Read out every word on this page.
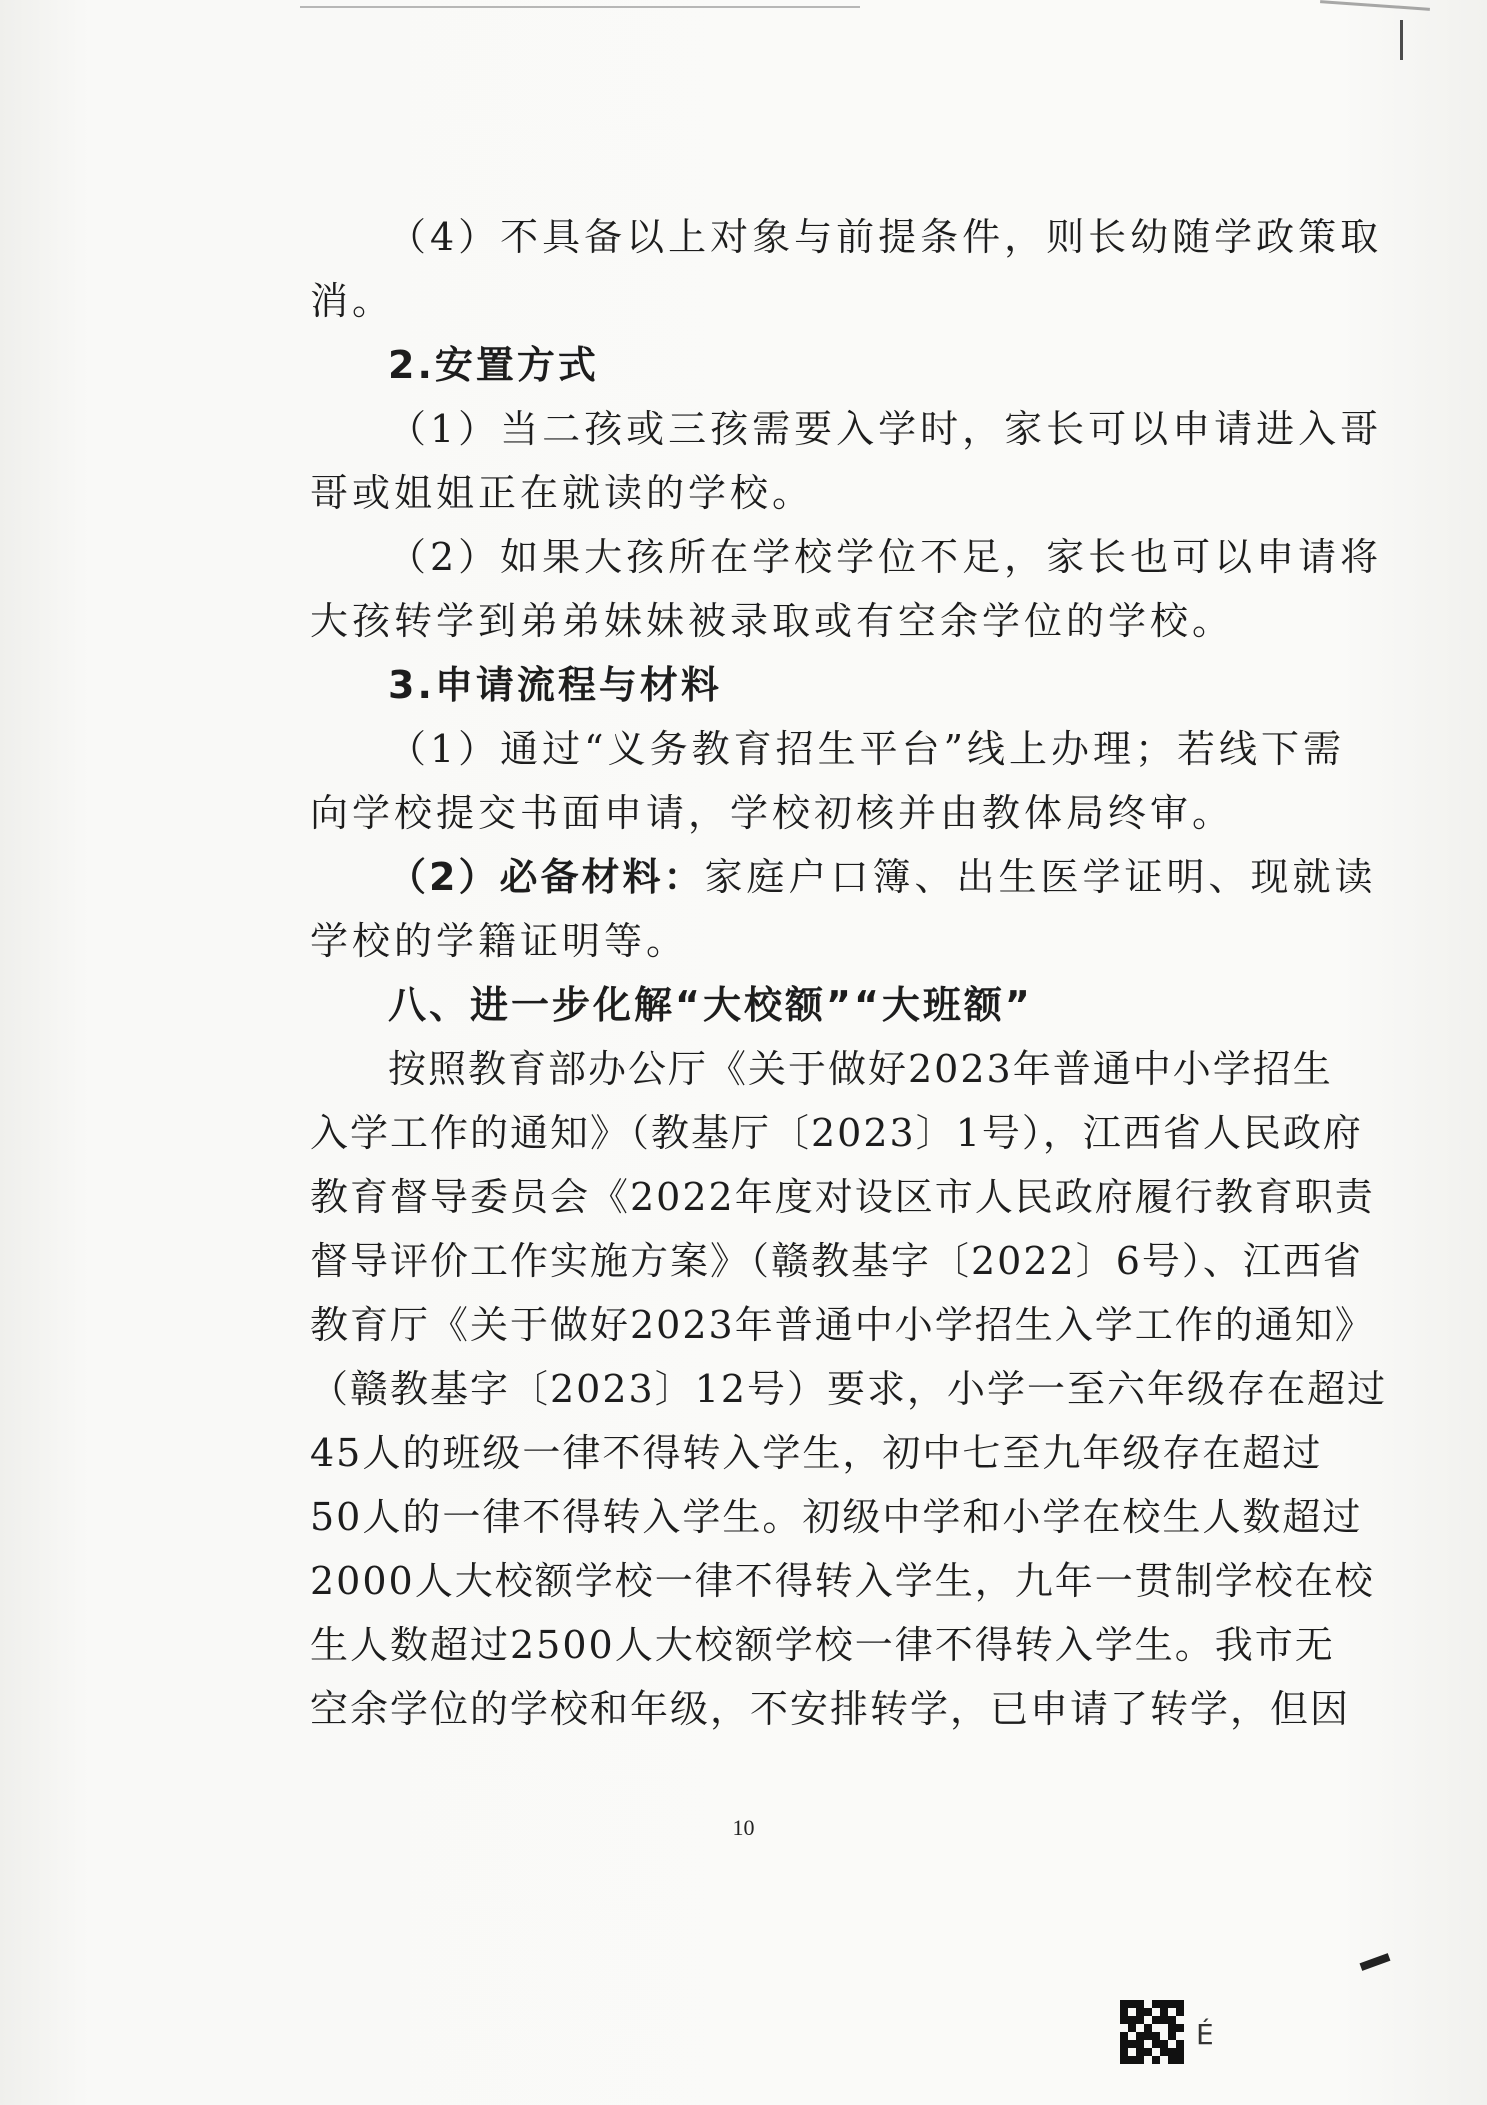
（4）不具备以上对象与前提条件，则长幼随学政策取
消。
2.安置方式
（1）当二孩或三孩需要入学时，家长可以申请进入哥
哥或姐姐正在就读的学校。
（2）如果大孩所在学校学位不足，家长也可以申请将
大孩转学到弟弟妹妹被录取或有空余学位的学校。
3.申请流程与材料
（1）通过“义务教育招生平台”线上办理；若线下需
向学校提交书面申请，学校初核并由教体局终审。
（2）必备材料：家庭户口簿、出生医学证明、现就读
学校的学籍证明等。
八、进一步化解“大校额”“大班额”
按照教育部办公厅《关于做好2023年普通中小学招生
入学工作的通知》（教基厅〔2023〕1号），江西省人民政府
教育督导委员会《2022年度对设区市人民政府履行教育职责
督导评价工作实施方案》（赣教基字〔2022〕6号）、江西省
教育厅《关于做好2023年普通中小学招生入学工作的通知》
（赣教基字〔2023〕12号）要求，小学一至六年级存在超过
45人的班级一律不得转入学生，初中七至九年级存在超过
50人的一律不得转入学生。初级中学和小学在校生人数超过
2000人大校额学校一律不得转入学生，九年一贯制学校在校
生人数超过2500人大校额学校一律不得转入学生。我市无
空余学位的学校和年级，不安排转学，已申请了转学，但因
10
É
